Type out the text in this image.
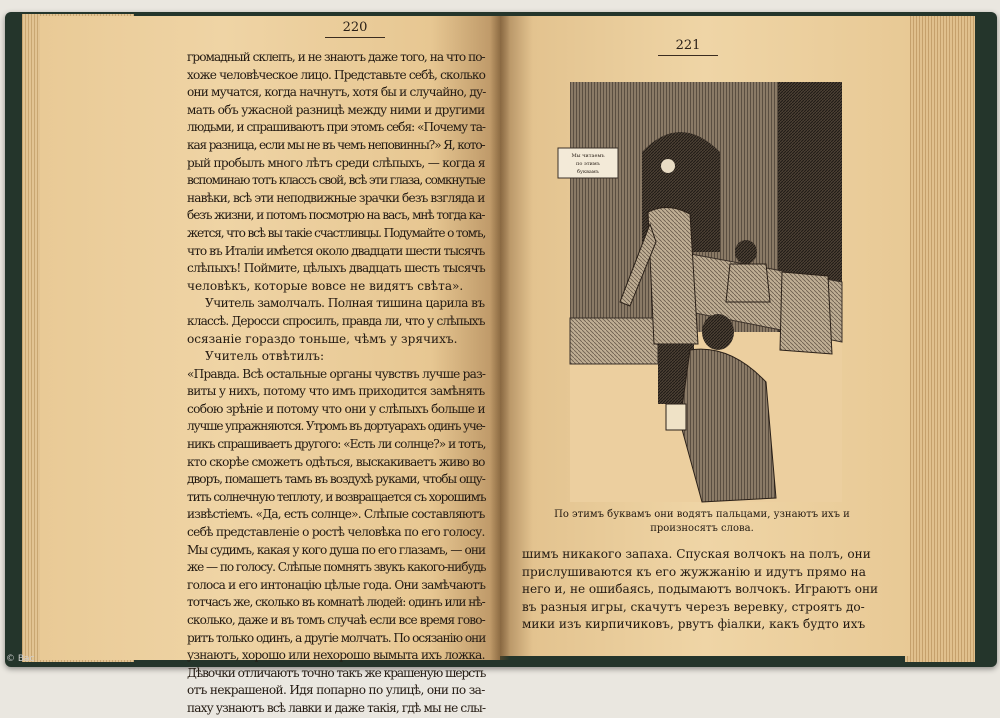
220

громадный склепъ, и не знаютъ даже того, на что по-

хоже человѣческое лицо. Представьте себѣ, сколько

они мучатся, когда начнутъ, хотя бы и случайно, ду-

мать объ ужасной разницѣ между ними и другими

людьми, и спрашиваютъ при этомъ себя: «Почему та-

кая разница, если мы не въ чемъ неповинны?» Я, кото-

рый пробылъ много лѣтъ среди слѣпыхъ, — когда я

вспоминаю тотъ классъ свой, всѣ эти глаза, сомкнутые

навѣки, всѣ эти неподвижные зрачки безъ взгляда и

безъ жизни, и потомъ посмотрю на васъ, мнѣ тогда ка-

жется, что всѣ вы такіе счастливцы. Подумайте о томъ,

что въ Италіи имѣется около двадцати шести тысячъ

слѣпыхъ! Поймите, цѣлыхъ двадцать шесть тысячъ

человѣкъ, которые вовсе не видятъ свѣта».

Учитель замолчалъ. Полная тишина царила въ

классѣ. Деросси спросилъ, правда ли, что у слѣпыхъ

осязаніе гораздо тоньше, чѣмъ у зрячихъ.

Учитель отвѣтилъ:

«Правда. Всѣ остальные органы чувствъ лучше раз-

виты у нихъ, потому что имъ приходится замѣнять

собою зрѣніе и потому что они у слѣпыхъ больше и

лучше упражняются. Утромъ въ дортуарахъ одинъ уче-

никъ спрашиваетъ другого: «Есть ли солнце?» и тотъ,

кто скорѣе сможетъ одѣться, выскакиваетъ живо во

дворъ, помашетъ тамъ въ воздухѣ руками, чтобы ощу-

тить солнечную теплоту, и возвращается съ хорошимъ

извѣстіемъ. «Да, есть солнце». Слѣпые составляютъ

себѣ представленіе о ростѣ человѣка по его голосу.

Мы судимъ, какая у кого душа по его глазамъ, — они

же — по голосу. Слѣпые помнятъ звукъ какого-нибудь

голоса и его интонацію цѣлые года. Они замѣчаютъ

тотчасъ же, сколько въ комнатѣ людей: одинъ или нѣ-

сколько, даже и въ томъ случаѣ если все время гово-

ритъ только одинъ, а другіе молчатъ. По осязанію они

узнаютъ, хорошо или нехорошо вымыта ихъ ложка.

Дѣвочки отличаютъ точно такъ же крашеную шерсть

отъ некрашеной. Идя попарно по улицѣ, они по за-

паху узнаютъ всѣ лавки и даже такія, гдѣ мы не слы-

221
Мы читаемъ
по этимъ
буквамъ
По этимъ буквамъ они водятъ пальцами, узнаютъ ихъ и произносятъ слова.

шимъ никакого запаха. Спуская волчокъ на полъ, они

прислушиваются къ его жужжанію и идутъ прямо на

него и, не ошибаясь, подымаютъ волчокъ. Играютъ они

въ разныя игры, скачутъ черезъ веревку, строятъ до-

мики изъ кирпичиковъ, рвутъ фіалки, какъ будто ихъ

© Вас
